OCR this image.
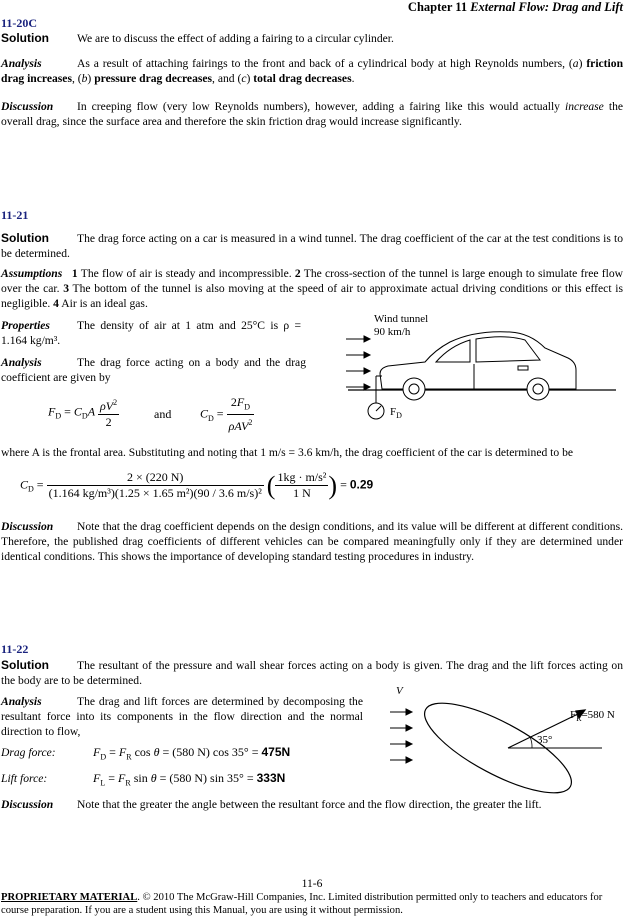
Chapter 11 External Flow: Drag and Lift
11-20C
Solution We are to discuss the effect of adding a fairing to a circular cylinder.
Analysis	As a result of attaching fairings to the front and back of a cylindrical body at high Reynolds numbers, (a) friction drag increases, (b) pressure drag decreases, and (c) total drag decreases.
Discussion In creeping flow (very low Reynolds numbers), however, adding a fairing like this would actually increase the overall drag, since the surface area and therefore the skin friction drag would increase significantly.
11-21
Solution The drag force acting on a car is measured in a wind tunnel. The drag coefficient of the car at the test conditions is to be determined.
Assumptions 1 The flow of air is steady and incompressible. 2 The cross-section of the tunnel is large enough to simulate free flow over the car. 3 The bottom of the tunnel is also moving at the speed of air to approximate actual driving conditions or this effect is negligible. 4 Air is an ideal gas.
Properties The density of air at 1 atm and 25°C is ρ = 1.164 kg/m³.
Analysis	The drag force acting on a body and the drag coefficient are given by
$F_D = C_DA \frac{\rho V^2}{2}$	and $C_D = \frac{2F_D}{\rho AV^2}$
Wind tunnel
90 km/h
$F_D$
where A is the frontal area. Substituting and noting that 1 m/s = 3.6 km/h, the drag coefficient of the car is determined to be
$C_D = \frac{2 \times (220 N)}{\text{(1.164 kg/m³)(1.25 × 1.65 m²)(90 / 3.6 m/s)²}}$ ( $\frac{\text{1kg · m/s²}}{1 N}$ ) = 0.29
Discussion Note that the drag coefficient depends on the design conditions, and its value will be different at different conditions. Therefore, the published drag coefficients of different vehicles can be compared meaningfully only if they are determined under identical conditions. This shows the importance of developing standard testing procedures in industry.
11-22
Solution The resultant of the pressure and wall shear forces acting on a body is given. The drag and the lift forces acting on the body are to be determined.
Analysis	The drag and lift forces are determined by decomposing the resultant force into its components in the flow direction and the normal direction to flow,
Drag force:	$F_D = F_R$ cos θ = (580 N) cos 35° = 475N
Lift force:	$F_L = F_R$ sin θ = (580 N) sin 35° = 333N
V
35°
$F_R=580$ N
Discussion Note that the greater the angle between the resultant force and the flow direction, the greater the lift.
11-6
PROPRIETARY MATERIAL. © 2010 The McGraw-Hill Companies, Inc. Limited distribution permitted only to teachers and educators for course preparation. If you are a student using this Manual, you are using it without permission.
